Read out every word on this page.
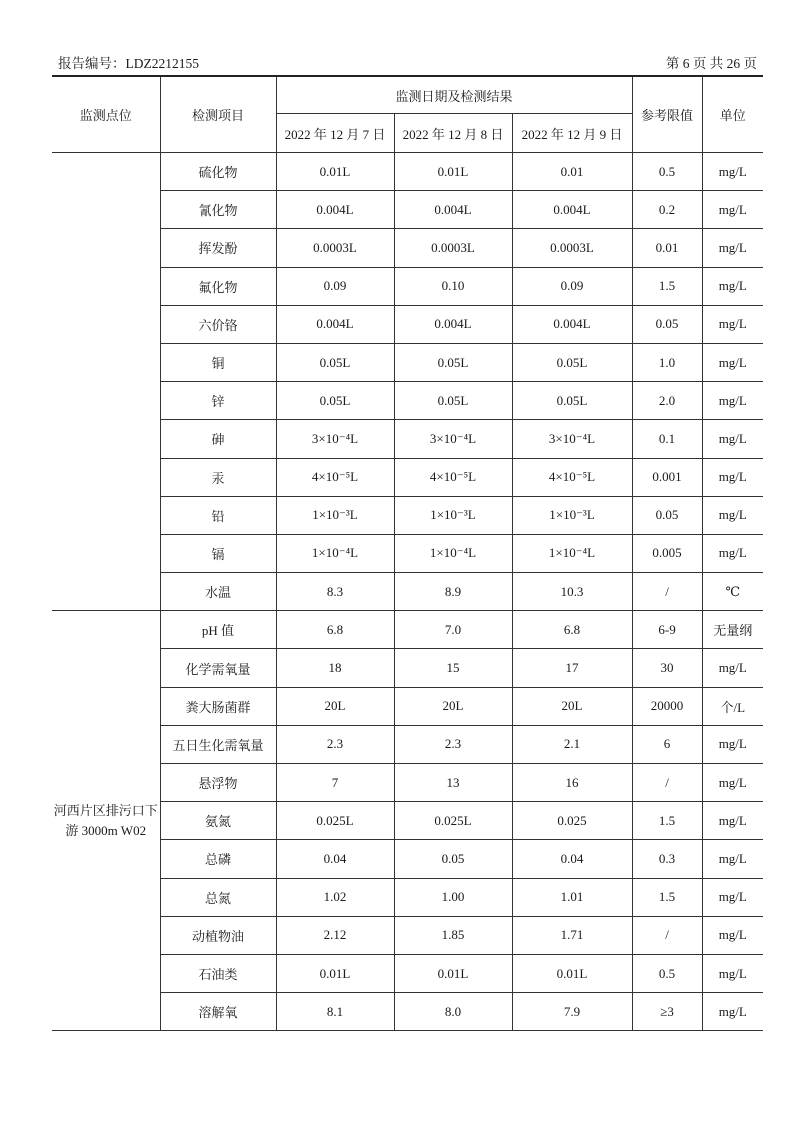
报告编号：LDZ2212155	第 6 页 共 26 页
监测点位	检测项目	监测日期及检测结果			参考限值	单位
		2022 年 12 月 7 日	2022 年 12 月 8 日	2022 年 12 月 9 日		
	硫化物	0.01L	0.01L	0.01	0.5	mg/L
	氰化物	0.004L	0.004L	0.004L	0.2	mg/L
	挥发酚	0.0003L	0.0003L	0.0003L	0.01	mg/L
	氟化物	0.09	0.10	0.09	1.5	mg/L
	六价铬	0.004L	0.004L	0.004L	0.05	mg/L
	铜	0.05L	0.05L	0.05L	1.0	mg/L
	锌	0.05L	0.05L	0.05L	2.0	mg/L
	砷	3×10⁻⁴L	3×10⁻⁴L	3×10⁻⁴L	0.1	mg/L
	汞	4×10⁻⁵L	4×10⁻⁵L	4×10⁻⁵L	0.001	mg/L
	铅	1×10⁻³L	1×10⁻³L	1×10⁻³L	0.05	mg/L
	镉	1×10⁻⁴L	1×10⁻⁴L	1×10⁻⁴L	0.005	mg/L
	水温	8.3	8.9	10.3	/	℃
河西片区排污口下游 3000m W02	pH 值	6.8	7.0	6.8	6-9	无量纲
	化学需氧量	18	15	17	30	mg/L
	粪大肠菌群	20L	20L	20L	20000	个/L
	五日生化需氧量	2.3	2.3	2.1	6	mg/L
	悬浮物	7	13	16	/	mg/L
	氨氮	0.025L	0.025L	0.025	1.5	mg/L
	总磷	0.04	0.05	0.04	0.3	mg/L
	总氮	1.02	1.00	1.01	1.5	mg/L
	动植物油	2.12	1.85	1.71	/	mg/L
	石油类	0.01L	0.01L	0.01L	0.5	mg/L
	溶解氧	8.1	8.0	7.9	≥3	mg/L
